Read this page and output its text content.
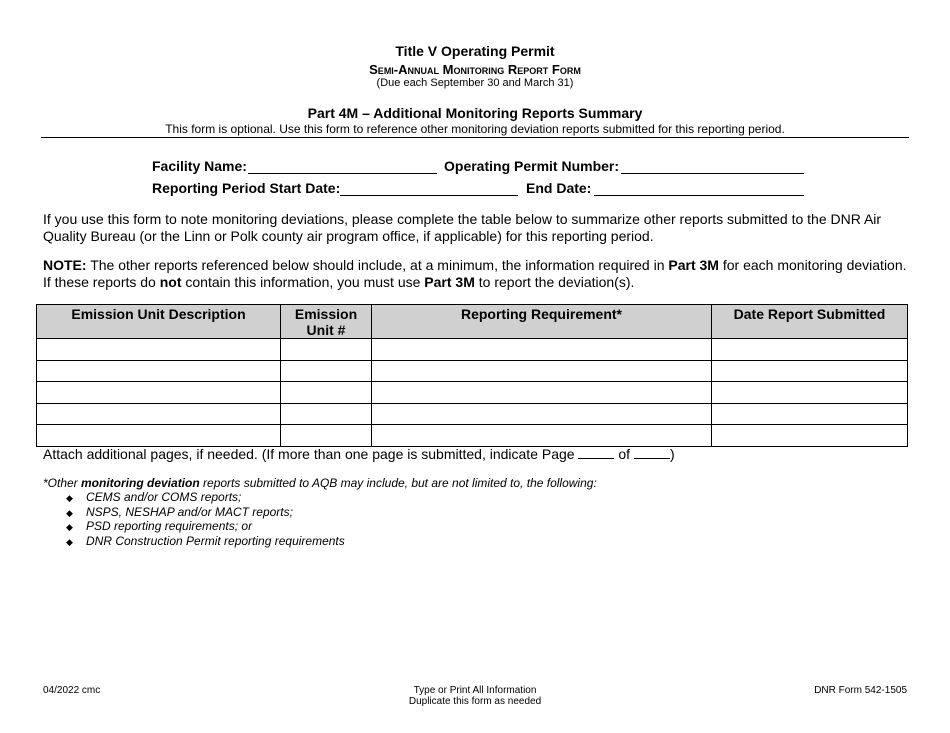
Title V Operating Permit
Semi-Annual Monitoring Report Form
(Due each September 30 and March 31)
Part 4M – Additional Monitoring Reports Summary
This form is optional. Use this form to reference other monitoring deviation reports submitted for this reporting period.
Facility Name:	Operating Permit Number:
Reporting Period Start Date:	End Date:
If you use this form to note monitoring deviations, please complete the table below to summarize other reports submitted to the DNR Air Quality Bureau (or the Linn or Polk county air program office, if applicable) for this reporting period.
NOTE: The other reports referenced below should include, at a minimum, the information required in Part 3M for each monitoring deviation. If these reports do not contain this information, you must use Part 3M to report the deviation(s).
Emission Unit Description	Emission Unit #	Reporting Requirement*	Date Report Submitted

Attach additional pages, if needed. (If more than one page is submitted, indicate Page	of	)
*Other monitoring deviation reports submitted to AQB may include, but are not limited to, the following:
◆ CEMS and/or COMS reports;
◆ NSPS, NESHAP and/or MACT reports;
◆ PSD reporting requirements; or
◆ DNR Construction Permit reporting requirements
04/2022 cmc	Type or Print All Information
Duplicate this form as needed
DNR Form 542-1505
